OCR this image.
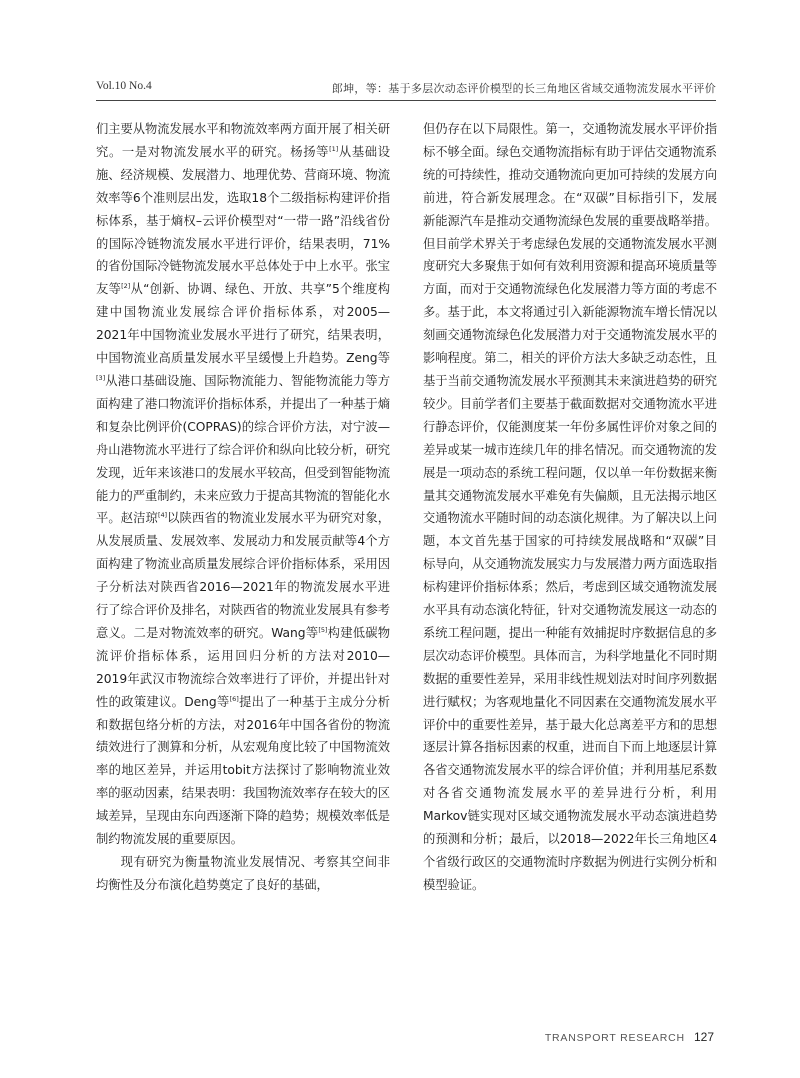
Vol.10 No.4	郎坤，等：基于多层次动态评价模型的长三角地区省域交通物流发展水平评价

们主要从物流发展水平和物流效率两方面开展了相关研究。一是对物流发展水平的研究。杨扬等[1]从基础设施、经济规模、发展潜力、地理优势、营商环境、物流效率等6个准则层出发，选取18个二级指标构建评价指标体系，基于熵权–云评价模型对“一带一路”沿线省份的国际冷链物流发展水平进行评价，结果表明，71%的省份国际冷链物流发展水平总体处于中上水平。张宝友等[2]从“创新、协调、绿色、开放、共享”5个维度构建中国物流业发展综合评价指标体系，对2005—2021年中国物流业发展水平进行了研究，结果表明，中国物流业高质量发展水平呈缓慢上升趋势。Zeng等[3]从港口基础设施、国际物流能力、智能物流能力等方面构建了港口物流评价指标体系，并提出了一种基于熵和复杂比例评价(COPRAS)的综合评价方法，对宁波—舟山港物流水平进行了综合评价和纵向比较分析，研究发现，近年来该港口的发展水平较高，但受到智能物流能力的严重制约，未来应致力于提高其物流的智能化水平。赵洁琼[4]以陕西省的物流业发展水平为研究对象，从发展质量、发展效率、发展动力和发展贡献等4个方面构建了物流业高质量发展综合评价指标体系，采用因子分析法对陕西省2016—2021年的物流发展水平进行了综合评价及排名，对陕西省的物流业发展具有参考意义。二是对物流效率的研究。Wang等[5]构建低碳物流评价指标体系，运用回归分析的方法对2010—2019年武汉市物流综合效率进行了评价，并提出针对性的政策建议。Deng等[6]提出了一种基于主成分分析和数据包络分析的方法，对2016年中国各省份的物流绩效进行了测算和分析，从宏观角度比较了中国物流效率的地区差异，并运用tobit方法探讨了影响物流业效率的驱动因素，结果表明：我国物流效率存在较大的区域差异，呈现由东向西逐渐下降的趋势；规模效率低是制约物流发展的重要原因。

现有研究为衡量物流业发展情况、考察其空间非均衡性及分布演化趋势奠定了良好的基础，

但仍存在以下局限性。第一，交通物流发展水平评价指标不够全面。绿色交通物流指标有助于评估交通物流系统的可持续性，推动交通物流向更加可持续的发展方向前进，符合新发展理念。在“双碳”目标指引下，发展新能源汽车是推动交通物流绿色发展的重要战略举措。但目前学术界关于考虑绿色发展的交通物流发展水平测度研究大多聚焦于如何有效利用资源和提高环境质量等方面，而对于交通物流绿色化发展潜力等方面的考虑不多。基于此，本文将通过引入新能源物流车增长情况以刻画交通物流绿色化发展潜力对于交通物流发展水平的影响程度。第二，相关的评价方法大多缺乏动态性，且基于当前交通物流发展水平预测其未来演进趋势的研究较少。目前学者们主要基于截面数据对交通物流水平进行静态评价，仅能测度某一年份多属性评价对象之间的差异或某一城市连续几年的排名情况。而交通物流的发展是一项动态的系统工程问题，仅以单一年份数据来衡量其交通物流发展水平难免有失偏颇，且无法揭示地区交通物流水平随时间的动态演化规律。为了解决以上问题，本文首先基于国家的可持续发展战略和“双碳”目标导向，从交通物流发展实力与发展潜力两方面选取指标构建评价指标体系；然后，考虑到区域交通物流发展水平具有动态演化特征，针对交通物流发展这一动态的系统工程问题，提出一种能有效捕捉时序数据信息的多层次动态评价模型。具体而言，为科学地量化不同时期数据的重要性差异，采用非线性规划法对时间序列数据进行赋权；为客观地量化不同因素在交通物流发展水平评价中的重要性差异，基于最大化总离差平方和的思想逐层计算各指标因素的权重，进而自下而上地逐层计算各省交通物流发展水平的综合评价值；并利用基尼系数对各省交通物流发展水平的差异进行分析，利用Markov链实现对区域交通物流发展水平动态演进趋势的预测和分析；最后，以2018—2022年长三角地区4个省级行政区的交通物流时序数据为例进行实例分析和模型验证。

TRANSPORT RESEARCH 127
